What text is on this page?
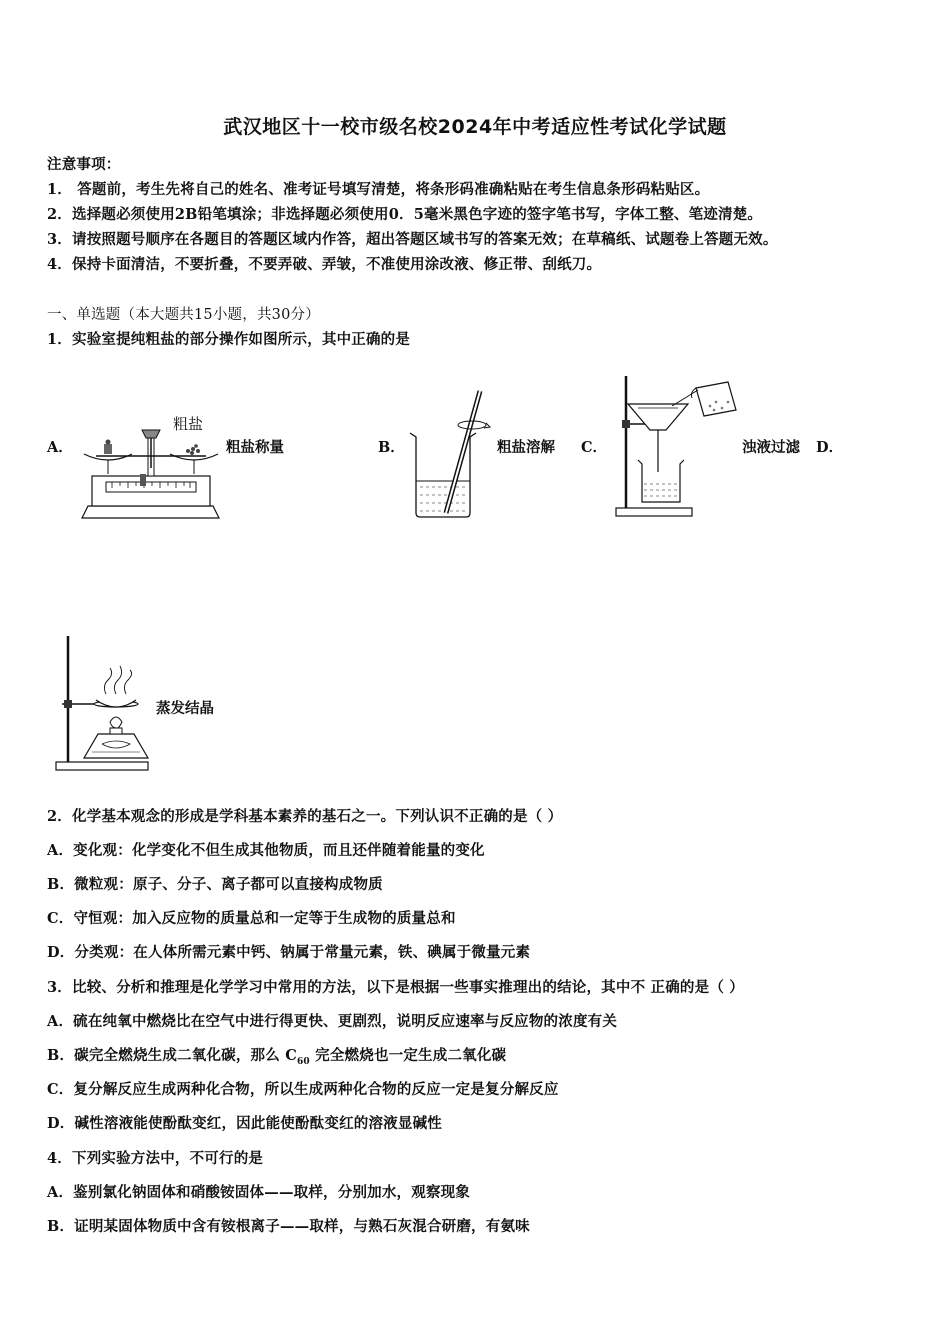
武汉地区十一校市级名校2024年中考适应性考试化学试题
注意事项：
1． 答题前，考生先将自己的姓名、准考证号填写清楚，将条形码准确粘贴在考生信息条形码粘贴区。
2．选择题必须使用2B铅笔填涂；非选择题必须使用0．5毫米黑色字迹的签字笔书写，字体工整、笔迹清楚。
3．请按照题号顺序在各题目的答题区域内作答，超出答题区域书写的答案无效；在草稿纸、试题卷上答题无效。
4．保持卡面清洁，不要折叠，不要弄破、弄皱，不准使用涂改液、修正带、刮纸刀。
一、单选题（本大题共15小题，共30分）
1．实验室提纯粗盐的部分操作如图所示，其中正确的是
A．
粗盐
粗盐称量	B．	粗盐溶解 C．	浊液过滤 D．
蒸发结晶
2．化学基本观念的形成是学科基本素养的基石之一。下列认识不正确的是（ ）
A．变化观：化学变化不但生成其他物质，而且还伴随着能量的变化
B．微粒观：原子、分子、离子都可以直接构成物质
C．守恒观：加入反应物的质量总和一定等于生成物的质量总和
D．分类观：在人体所需元素中钙、钠属于常量元素，铁、碘属于微量元素
3．比较、分析和推理是化学学习中常用的方法，以下是根据一些事实推理出的结论，其中不 正确的是（ ）
A．硫在纯氧中燃烧比在空气中进行得更快、更剧烈，说明反应速率与反应物的浓度有关
B．碳完全燃烧生成二氧化碳，那么 $C_{60}$ 完全燃烧也一定生成二氧化碳
C．复分解反应生成两种化合物，所以生成两种化合物的反应一定是复分解反应
D．碱性溶液能使酚酞变红，因此能使酚酞变红的溶液显碱性
4．下列实验方法中，不可行的是
A．鉴别氯化钠固体和硝酸铵固体——取样，分别加水，观察现象
B．证明某固体物质中含有铵根离子——取样，与熟石灰混合研磨，有氨味
